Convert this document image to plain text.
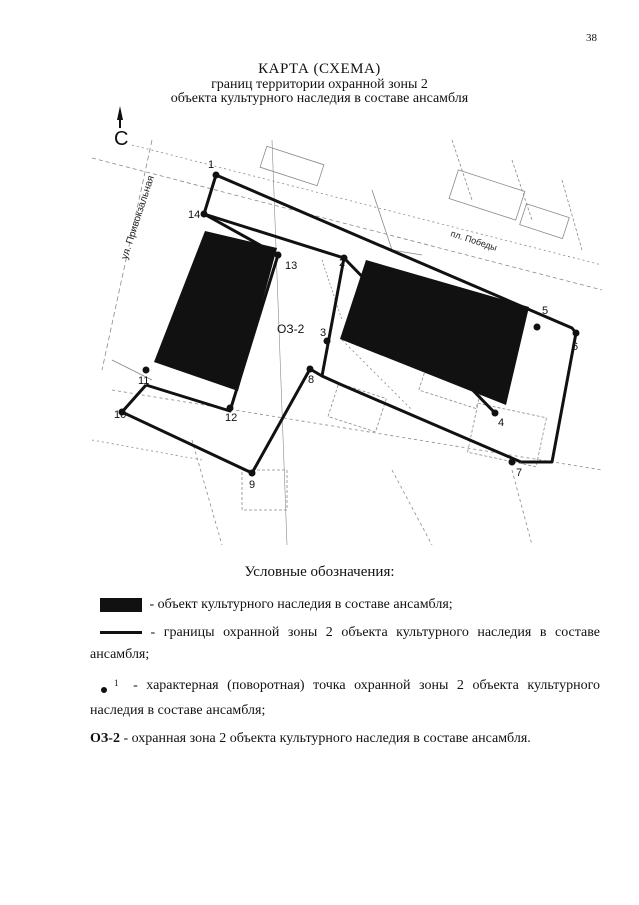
38
КАРТА (СХЕМА)
границ территории охранной зоны 2
объекта культурного наследия в составе ансамбля
С
ул. Привокзальная	пл. Победы
1
2
3
4
5
6
7
8
9
10
11
12
13
14
ОЗ-2
Условные обозначения:
- объект культурного наследия в составе ансамбля;
- границы охранной зоны 2 объекта культурного наследия в составе ансамбля;
$^1$ - характерная (поворотная) точка охранной зоны 2 объекта культурного наследия в составе ансамбля;
ОЗ-2 - охранная зона 2 объекта культурного наследия в составе ансамбля.
